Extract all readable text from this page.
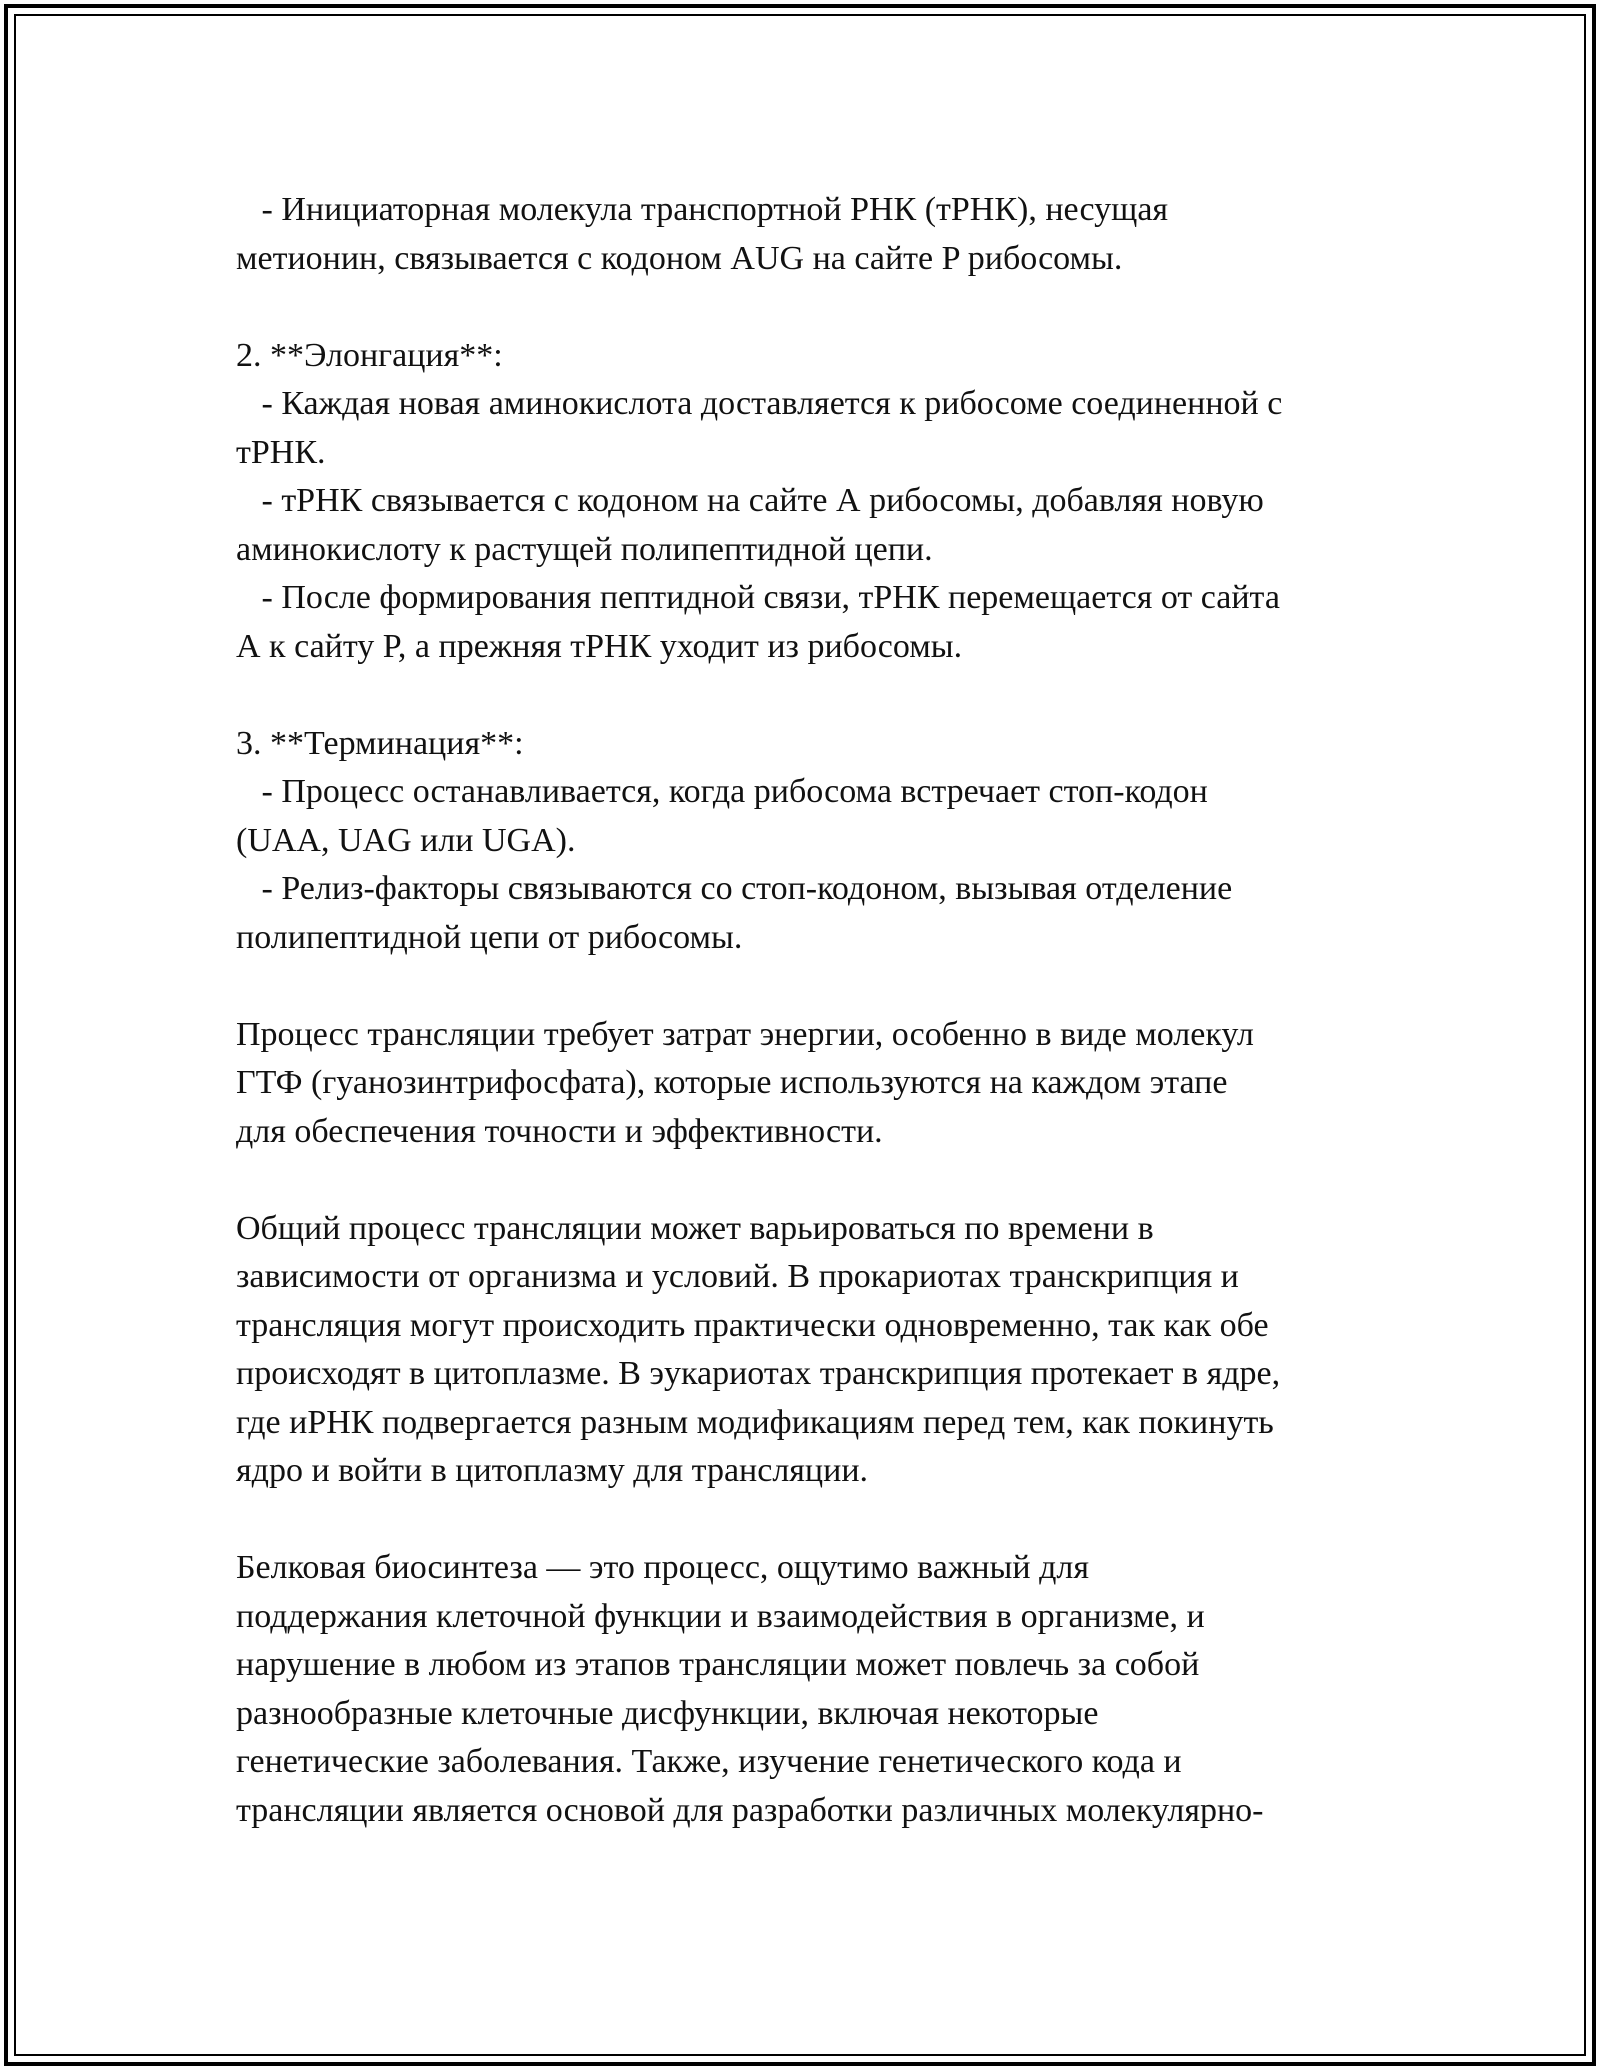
- Инициаторная молекула транспортной РНК (тРНК), несущая
метионин, связывается с кодоном AUG на сайте P рибосомы.
2. **Элонгация**:
- Каждая новая аминокислота доставляется к рибосоме соединенной с
тРНК.
- тРНК связывается с кодоном на сайте А рибосомы, добавляя новую
аминокислоту к растущей полипептидной цепи.
- После формирования пептидной связи, тРНК перемещается от сайта
А к сайту P, а прежняя тРНК уходит из рибосомы.
3. **Терминация**:
- Процесс останавливается, когда рибосома встречает стоп-кодон
(UAA, UAG или UGA).
- Релиз-факторы связываются со стоп-кодоном, вызывая отделение
полипептидной цепи от рибосомы.
Процесс трансляции требует затрат энергии, особенно в виде молекул
ГТФ (гуанозинтрифосфата), которые используются на каждом этапе
для обеспечения точности и эффективности.
Общий процесс трансляции может варьироваться по времени в
зависимости от организма и условий. В прокариотах транскрипция и
трансляция могут происходить практически одновременно, так как обе
происходят в цитоплазме. В эукариотах транскрипция протекает в ядре,
где иРНК подвергается разным модификациям перед тем, как покинуть
ядро и войти в цитоплазму для трансляции.
Белковая биосинтеза — это процесс, ощутимо важный для
поддержания клеточной функции и взаимодействия в организме, и
нарушение в любом из этапов трансляции может повлечь за собой
разнообразные клеточные дисфункции, включая некоторые
генетические заболевания. Также, изучение генетического кода и
трансляции является основой для разработки различных молекулярно-
